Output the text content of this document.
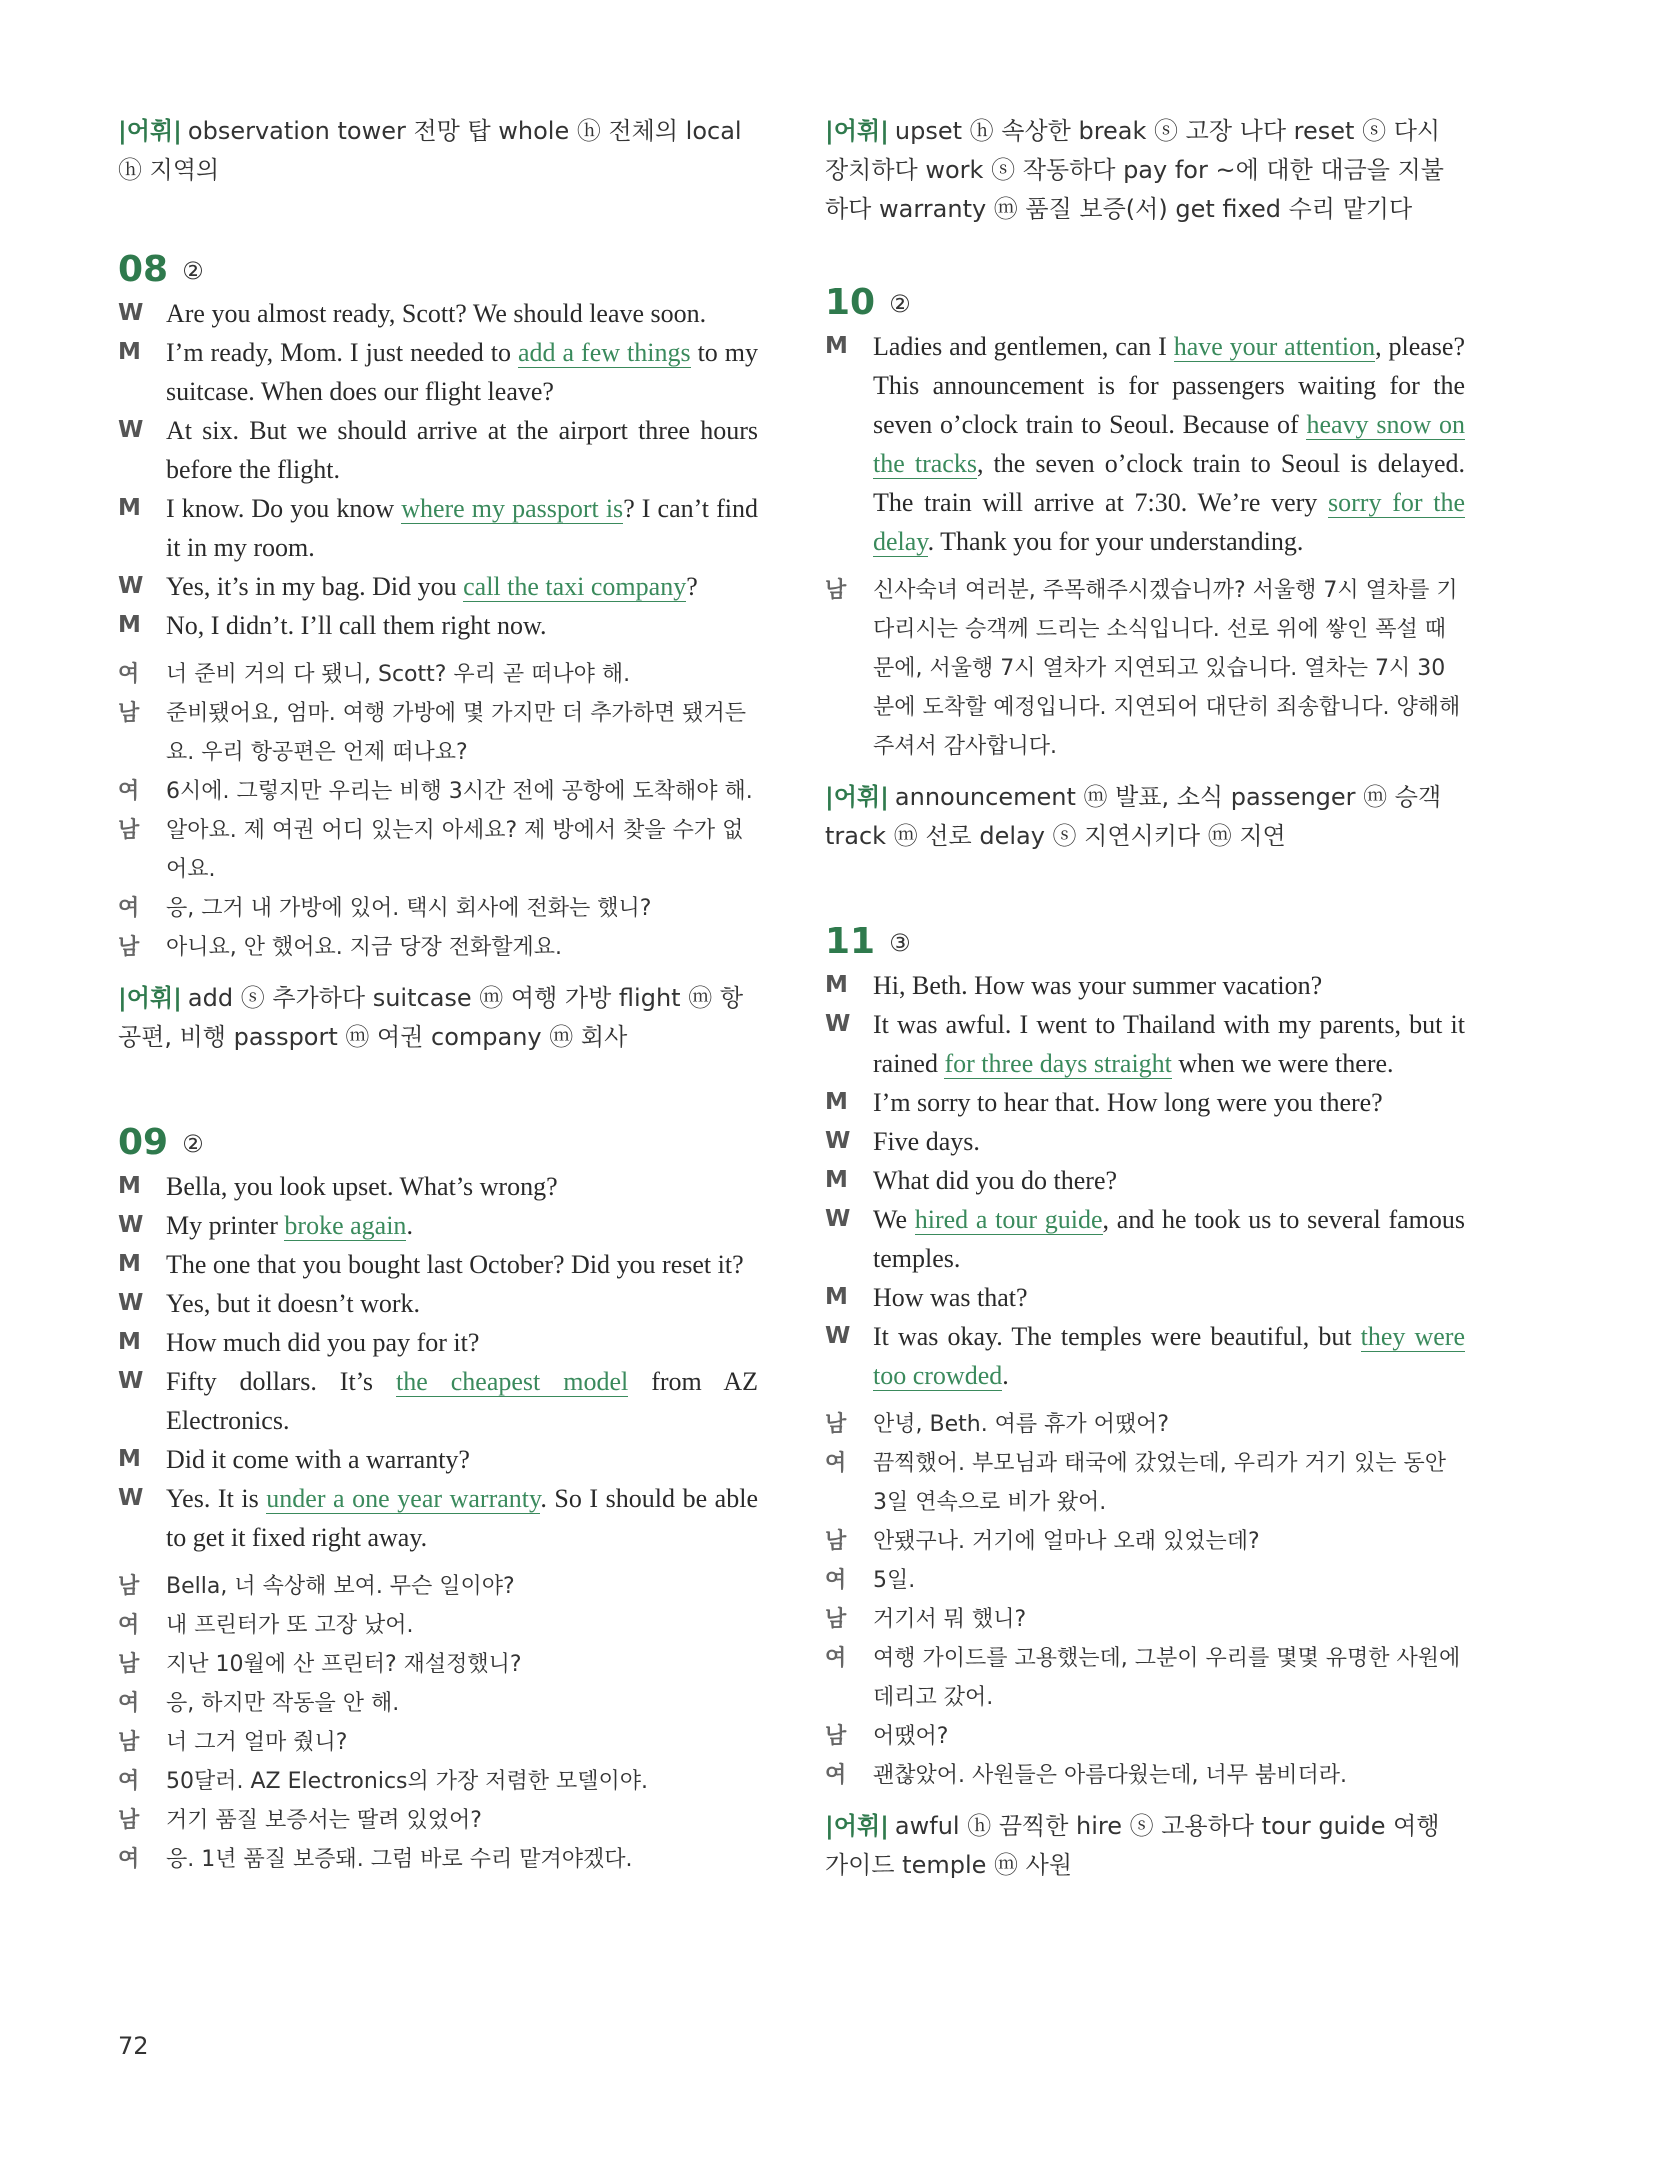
|어휘| observation tower 전망 탑 whole ⓗ 전체의 local ⓗ 지역의
08 ②
W Are you almost ready, Scott? We should leave soon.
M I’m ready, Mom. I just needed to add a few things to my suitcase. When does our flight leave?
W At six. But we should arrive at the airport three hours before the flight.
M I know. Do you know where my passport is? I can’t find it in my room.
W Yes, it’s in my bag. Did you call the taxi company?
M No, I didn’t. I’ll call them right now.
여	너 준비 거의 다 됐니, Scott? 우리 곧 떠나야 해.
남	준비됐어요, 엄마. 여행 가방에 몇 가지만 더 추가하면 됐거든요. 우리 항공편은 언제 떠나요?
여	6시에. 그렇지만 우리는 비행 3시간 전에 공항에 도착해야 해.
남	알아요. 제 여권 어디 있는지 아세요? 제 방에서 찾을 수가 없어요.
여	응, 그거 내 가방에 있어. 택시 회사에 전화는 했니?
남	아니요, 안 했어요. 지금 당장 전화할게요.
|어휘| add ⓢ 추가하다 suitcase ⓜ 여행 가방 flight ⓜ 항공편, 비행 passport ⓜ 여권 company ⓜ 회사
09 ②
M Bella, you look upset. What’s wrong?
W My printer broke again.
M The one that you bought last October? Did you reset it?
W Yes, but it doesn’t work.
M How much did you pay for it?
W Fifty dollars. It’s the cheapest model from AZ Electronics.
M Did it come with a warranty?
W Yes. It is under a one year warranty. So I should be able to get it fixed right away.
남	Bella, 너 속상해 보여. 무슨 일이야?
여	내 프린터가 또 고장 났어.
남	지난 10월에 산 프린터? 재설정했니?
여	응, 하지만 작동을 안 해.
남	너 그거 얼마 줬니?
여	50달러. AZ Electronics의 가장 저렴한 모델이야.
남	거기 품질 보증서는 딸려 있었어?
여	응. 1년 품질 보증돼. 그럼 바로 수리 맡겨야겠다.
|어휘| upset ⓗ 속상한 break ⓢ 고장 나다 reset ⓢ 다시 장치하다 work ⓢ 작동하다 pay for ~에 대한 대금을 지불하다 warranty ⓜ 품질 보증(서) get fixed 수리 맡기다
10 ②
M Ladies and gentlemen, can I have your attention, please? This announcement is for passengers waiting for the seven o’clock train to Seoul. Because of heavy snow on the tracks, the seven o’clock train to Seoul is delayed. The train will arrive at 7:30. We’re very sorry for the delay. Thank you for your understanding.
남	신사숙녀 여러분, 주목해주시겠습니까? 서울행 7시 열차를 기다리시는 승객께 드리는 소식입니다. 선로 위에 쌓인 폭설 때문에, 서울행 7시 열차가 지연되고 있습니다. 열차는 7시 30분에 도착할 예정입니다. 지연되어 대단히 죄송합니다. 양해해 주셔서 감사합니다.
|어휘| announcement ⓜ 발표, 소식 passenger ⓜ 승객 track ⓜ 선로 delay ⓢ 지연시키다 ⓜ 지연
11 ③
M Hi, Beth. How was your summer vacation?
W It was awful. I went to Thailand with my parents, but it rained for three days straight when we were there.
M I’m sorry to hear that. How long were you there?
W Five days.
M What did you do there?
W We hired a tour guide, and he took us to several famous temples.
M How was that?
W It was okay. The temples were beautiful, but they were too crowded.
남	안녕, Beth. 여름 휴가 어땠어?
여	끔찍했어. 부모님과 태국에 갔었는데, 우리가 거기 있는 동안 3일 연속으로 비가 왔어.
남	안됐구나. 거기에 얼마나 오래 있었는데?
여	5일.
남	거기서 뭐 했니?
여	여행 가이드를 고용했는데, 그분이 우리를 몇몇 유명한 사원에 데리고 갔어.
남	어땠어?
여	괜찮았어. 사원들은 아름다웠는데, 너무 붐비더라.
|어휘| awful ⓗ 끔찍한 hire ⓢ 고용하다 tour guide 여행 가이드 temple ⓜ 사원
72
